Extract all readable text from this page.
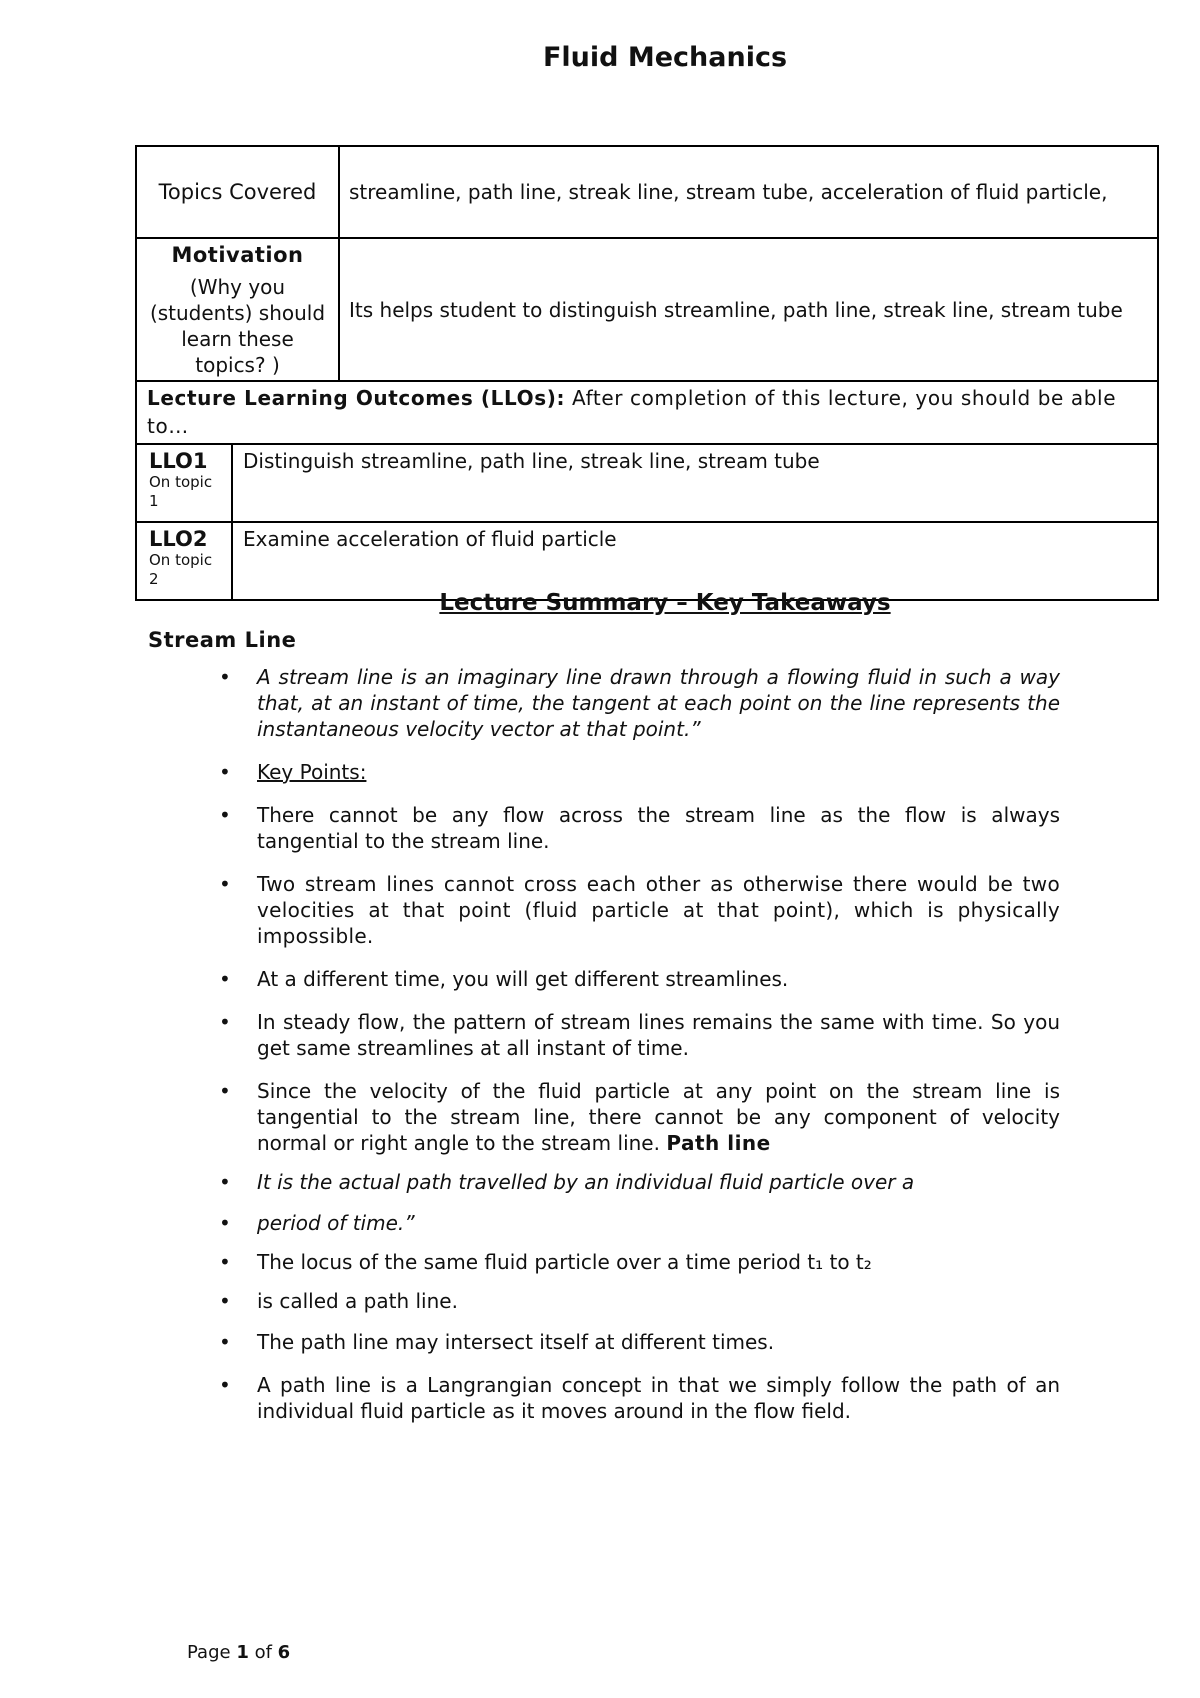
Fluid Mechanics
Topics Covered		streamline, path line, streak line, stream tube, acceleration of fluid particle,

Motivation
(Why you (students) should learn these topics? )		Its helps student to distinguish streamline, path line, streak line, stream tube
Lecture Learning Outcomes (LLOs): After completion of this lecture, you should be able to…		

LLO1
On topic 1	Distinguish streamline, path line, streak line, stream tube	

LLO2
On topic 2	Examine acceleration of fluid particle	
Lecture Summary – Key Takeaways
Stream Line
• A stream line is an imaginary line drawn through a flowing fluid in such a way that, at an instant of time, the tangent at each point on the line represents the instantaneous velocity vector at that point.”
• Key Points:
• There cannot be any flow across the stream line as the flow is always tangential to the stream line.
• Two stream lines cannot cross each other as otherwise there would be two velocities at that point (fluid particle at that point), which is physically impossible.
• At a different time, you will get different streamlines.
• In steady flow, the pattern of stream lines remains the same with time. So you get same streamlines at all instant of time.
• Since the velocity of the fluid particle at any point on the stream line is tangential to the stream line, there cannot be any component of velocity normal or right angle to the stream line. Path line
• It is the actual path travelled by an individual fluid particle over a
• period of time.”
• The locus of the same fluid particle over a time period t₁ to t₂
• is called a path line.
• The path line may intersect itself at different times.
• A path line is a Langrangian concept in that we simply follow the path of an individual fluid particle as it moves around in the flow field.
Page 1 of 6
